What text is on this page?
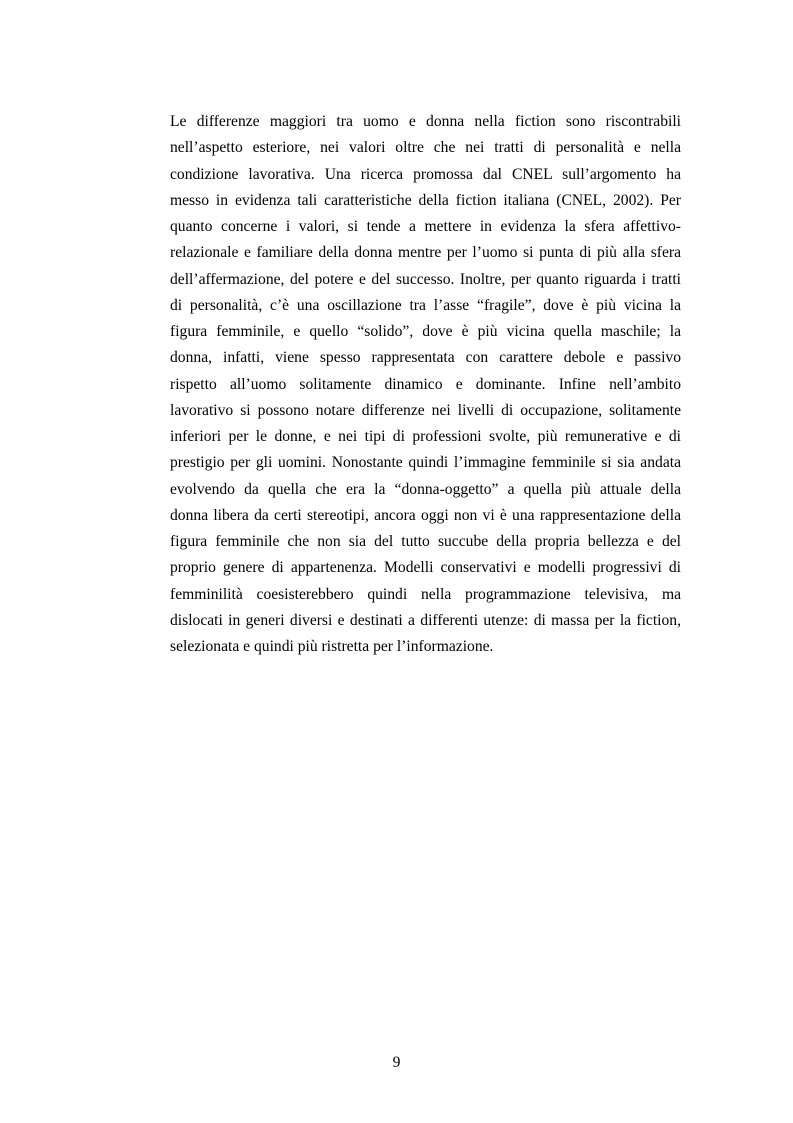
Le differenze maggiori tra uomo e donna nella fiction sono riscontrabili
nell’aspetto esteriore, nei valori oltre che nei tratti di personalità e nella
condizione lavorativa. Una ricerca promossa dal CNEL sull’argomento ha
messo in evidenza tali caratteristiche della fiction italiana (CNEL, 2002). Per
quanto concerne i valori, si tende a mettere in evidenza la sfera affettivo-
relazionale e familiare della donna mentre per l’uomo si punta di più alla sfera
dell’affermazione, del potere e del successo. Inoltre, per quanto riguarda i tratti
di personalità, c’è una oscillazione tra l’asse “fragile”, dove è più vicina la
figura femminile, e quello “solido”, dove è più vicina quella maschile; la
donna, infatti, viene spesso rappresentata con carattere debole e passivo
rispetto all’uomo solitamente dinamico e dominante. Infine nell’ambito
lavorativo si possono notare differenze nei livelli di occupazione, solitamente
inferiori per le donne, e nei tipi di professioni svolte, più remunerative e di
prestigio per gli uomini. Nonostante quindi l’immagine femminile si sia andata
evolvendo da quella che era la “donna-oggetto” a quella più attuale della
donna libera da certi stereotipi, ancora oggi non vi è una rappresentazione della
figura femminile che non sia del tutto succube della propria bellezza e del
proprio genere di appartenenza. Modelli conservativi e modelli progressivi di
femminilità coesisterebbero quindi nella programmazione televisiva, ma
dislocati in generi diversi e destinati a differenti utenze: di massa per la fiction,
selezionata e quindi più ristretta per l’informazione.

9
